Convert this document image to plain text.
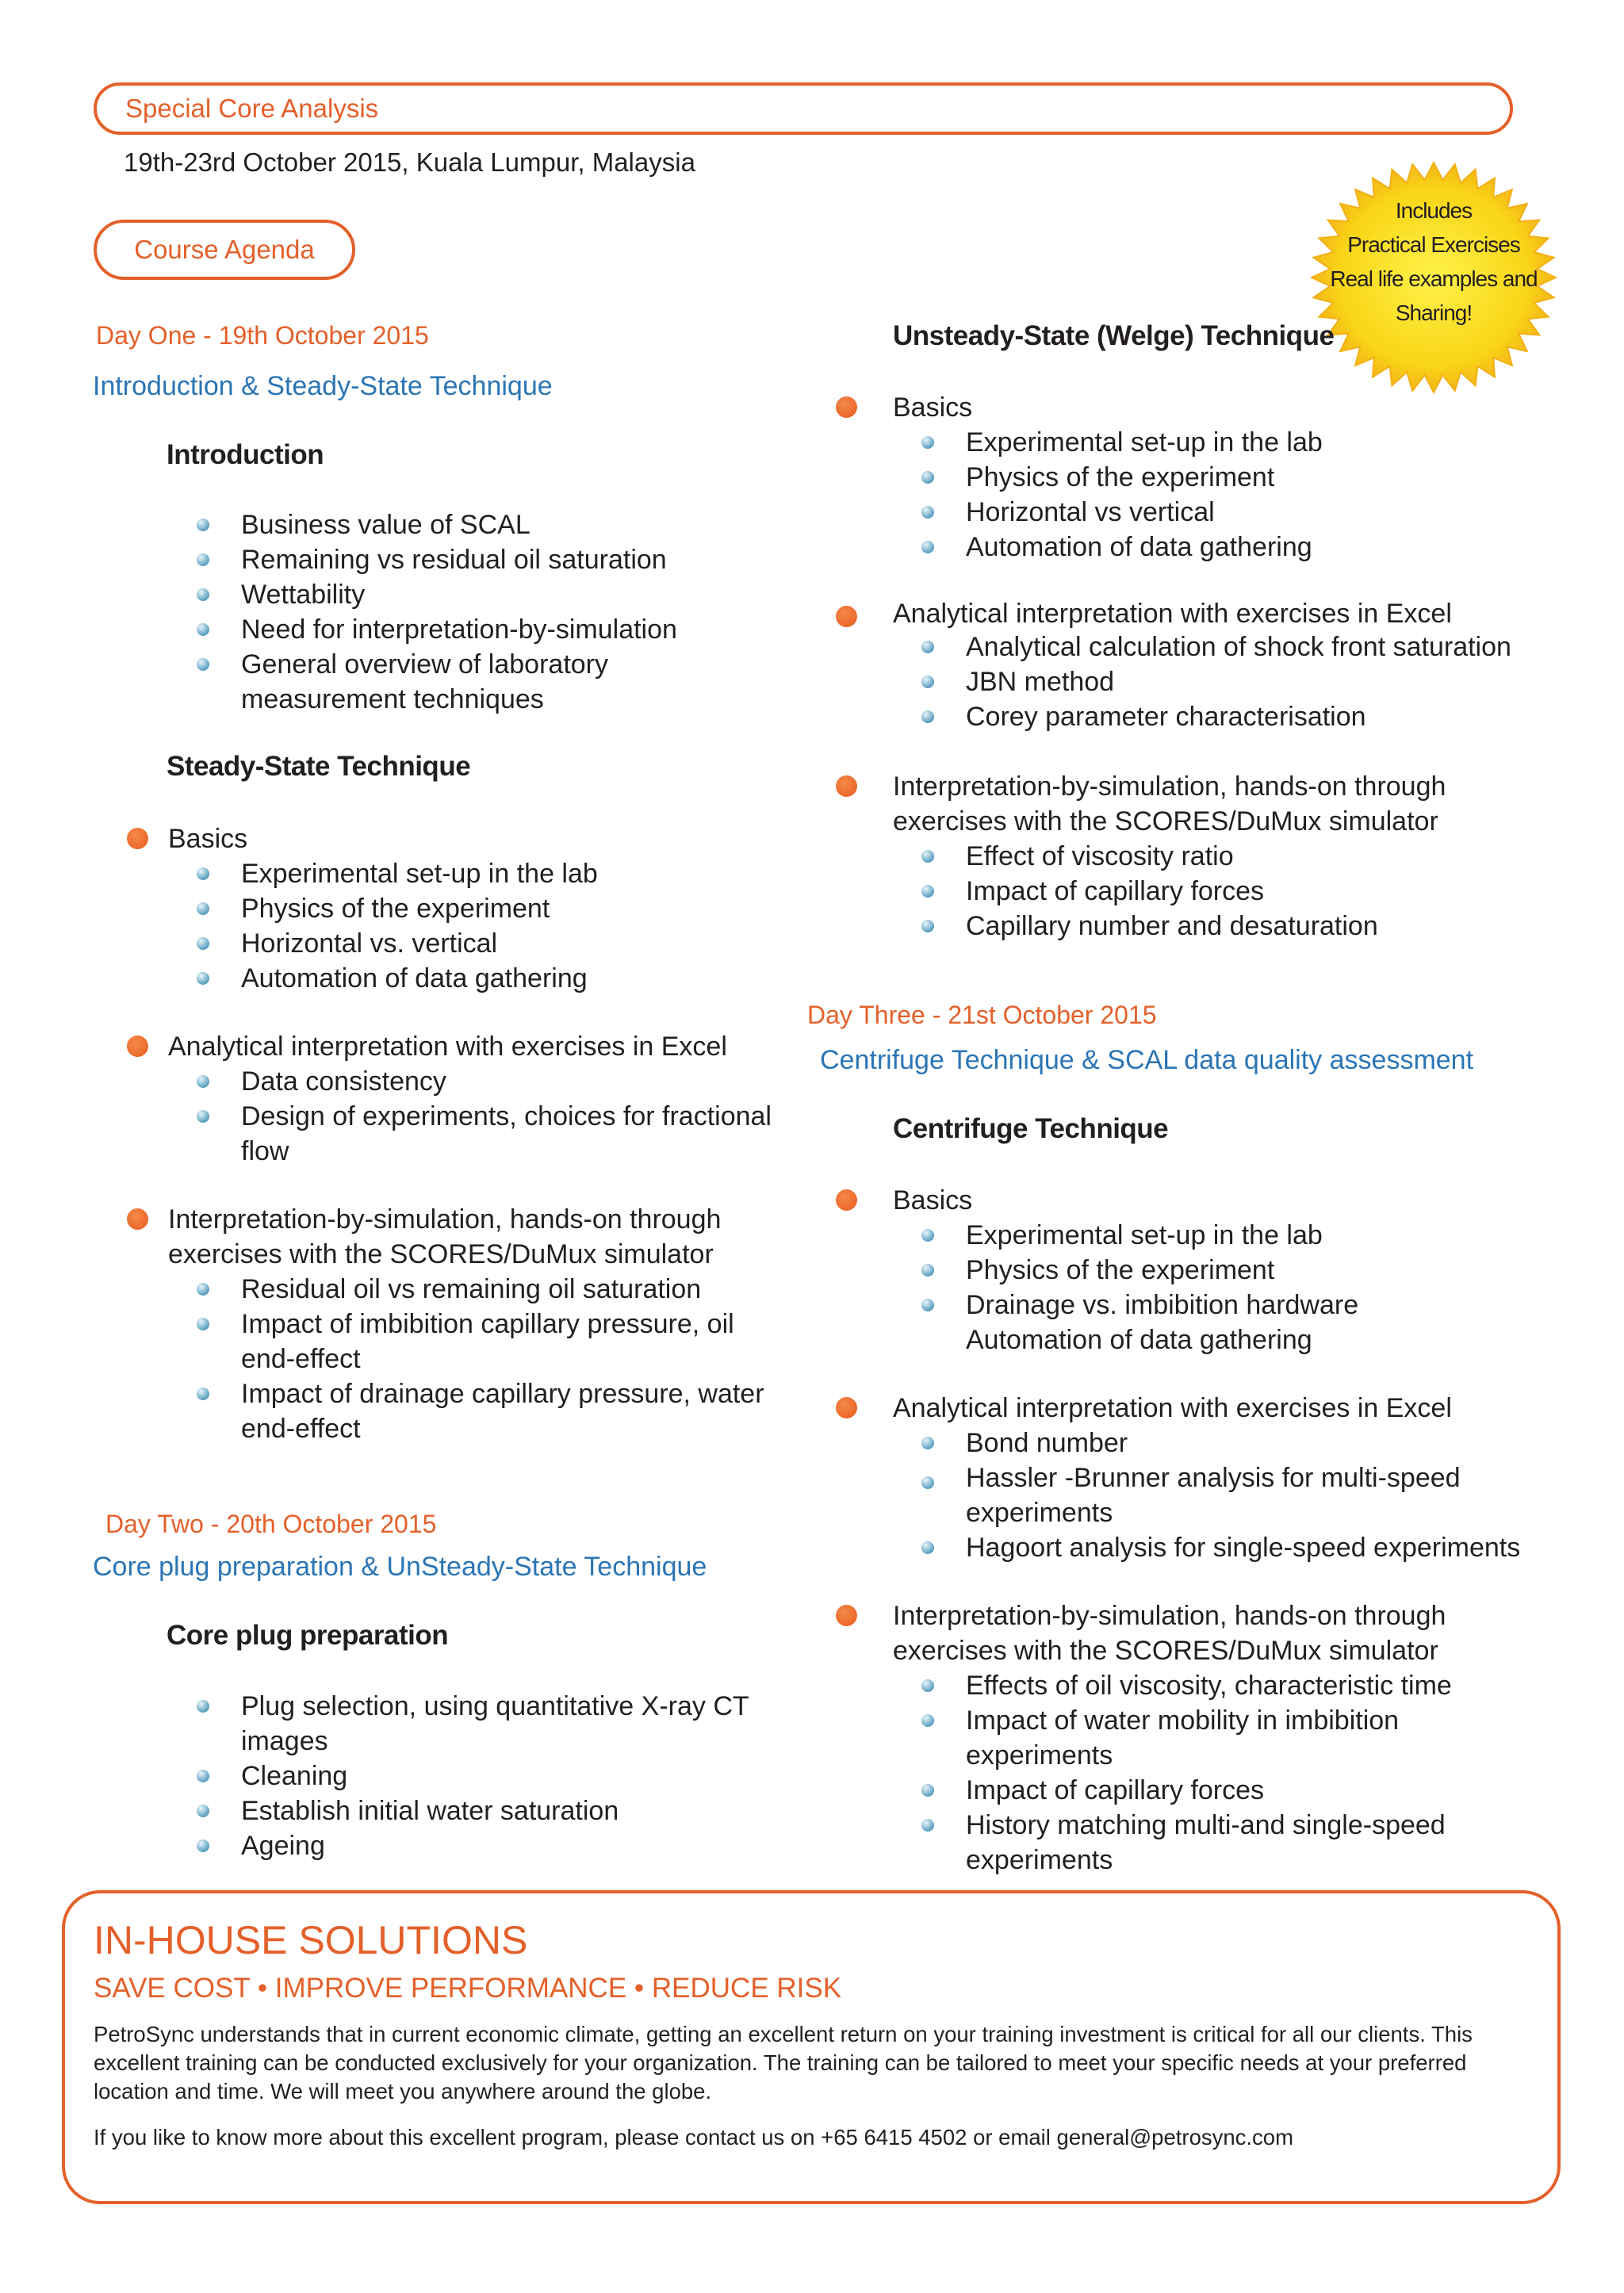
Special Core Analysis
19th-23rd October 2015, Kuala Lumpur, Malaysia
Course Agenda
Includes
Practical Exercises
Real life examples and
Sharing!
Day One - 19th October 2015
Introduction & Steady-State Technique
Introduction
Business value of SCAL
Remaining vs residual oil saturation
Wettability
Need for interpretation-by-simulation
General overview of laboratory
measurement techniques
Steady-State Technique
Basics
Experimental set-up in the lab
Physics of the experiment
Horizontal vs. vertical
Automation of data gathering
Analytical interpretation with exercises in Excel
Data consistency
Design of experiments, choices for fractional
flow
Interpretation-by-simulation, hands-on through
exercises with the SCORES/DuMux simulator
Residual oil vs remaining oil saturation
Impact of imbibition capillary pressure, oil
end-effect
Impact of drainage capillary pressure, water
end-effect
Day Two - 20th October 2015
Core plug preparation & UnSteady-State Technique
Core plug preparation
Plug selection, using quantitative X-ray CT
images
Cleaning
Establish initial water saturation
Ageing
Unsteady-State (Welge) Technique
Basics
Experimental set-up in the lab
Physics of the experiment
Horizontal vs vertical
Automation of data gathering
Analytical interpretation with exercises in Excel
Analytical calculation of shock front saturation
JBN method
Corey parameter characterisation
Interpretation-by-simulation, hands-on through
exercises with the SCORES/DuMux simulator
Effect of viscosity ratio
Impact of capillary forces
Capillary number and desaturation
Day Three - 21st October 2015
Centrifuge Technique & SCAL data quality assessment
Centrifuge Technique
Basics
Experimental set-up in the lab
Physics of the experiment
Drainage vs. imbibition hardware
Automation of data gathering
Analytical interpretation with exercises in Excel
Bond number
Hassler -Brunner analysis for multi-speed
experiments
Hagoort analysis for single-speed experiments
Interpretation-by-simulation, hands-on through
exercises with the SCORES/DuMux simulator
Effects of oil viscosity, characteristic time
Impact of water mobility in imbibition
experiments
Impact of capillary forces
History matching multi-and single-speed
experiments
IN-HOUSE SOLUTIONS
SAVE COST • IMPROVE PERFORMANCE • REDUCE RISK
PetroSync understands that in current economic climate, getting an excellent return on your training investment is critical for all our clients. This excellent training can be conducted exclusively for your organization. The training can be tailored to meet your specific needs at your preferred location and time. We will meet you anywhere around the globe.
If you like to know more about this excellent program, please contact us on +65 6415 4502 or email general@petrosync.com
